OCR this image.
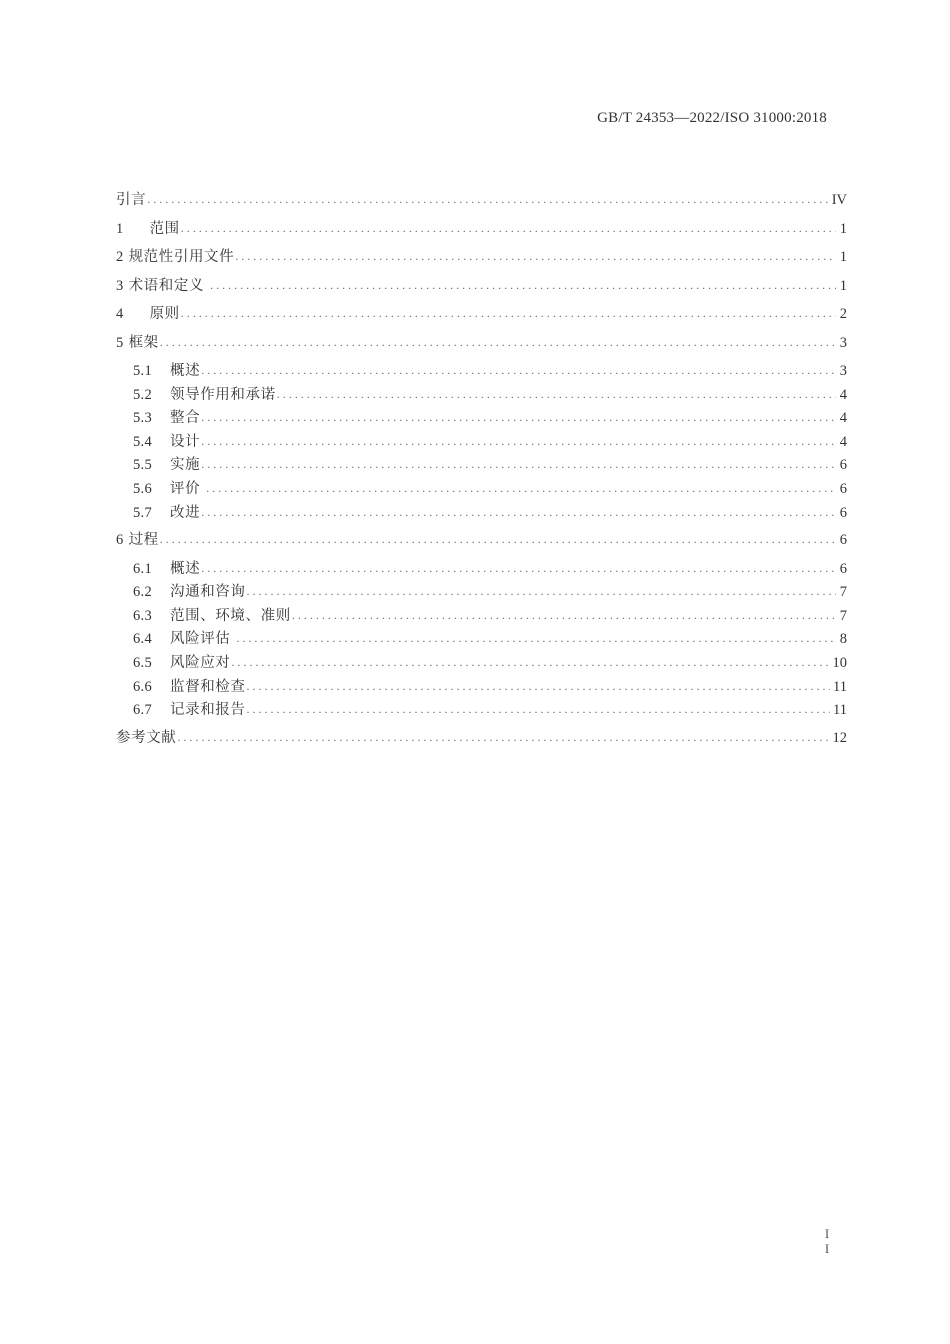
GB/T 24353—2022/ISO 31000:2018
引言 . . .	IV
1 范围 . . .	1
2 规范性引用文件 . . .	1
3 术语和定义 . . .	1
4 原则 . . .	2
5 框架 . . .	3
5.1	概述 . . .	3
5.2	领导作用和承诺 . . .	4
5.3	整合 . . .	4
5.4	设计 . . .	4
5.5	实施 . . .	6
5.6	评价 . . .	6
5.7	改进 . . .	6
6 过程 . . .	6
6.1	概述 . . .	6
6.2	沟通和咨询 . . .	7
6.3	范围、环境、准则 . . .	7
6.4	风险评估 . . .	8
6.5	风险应对 . . .	10
6.6	监督和检查 . . .	11
6.7	记录和报告 . . .	11
参考文献 . . .	12
I
I
